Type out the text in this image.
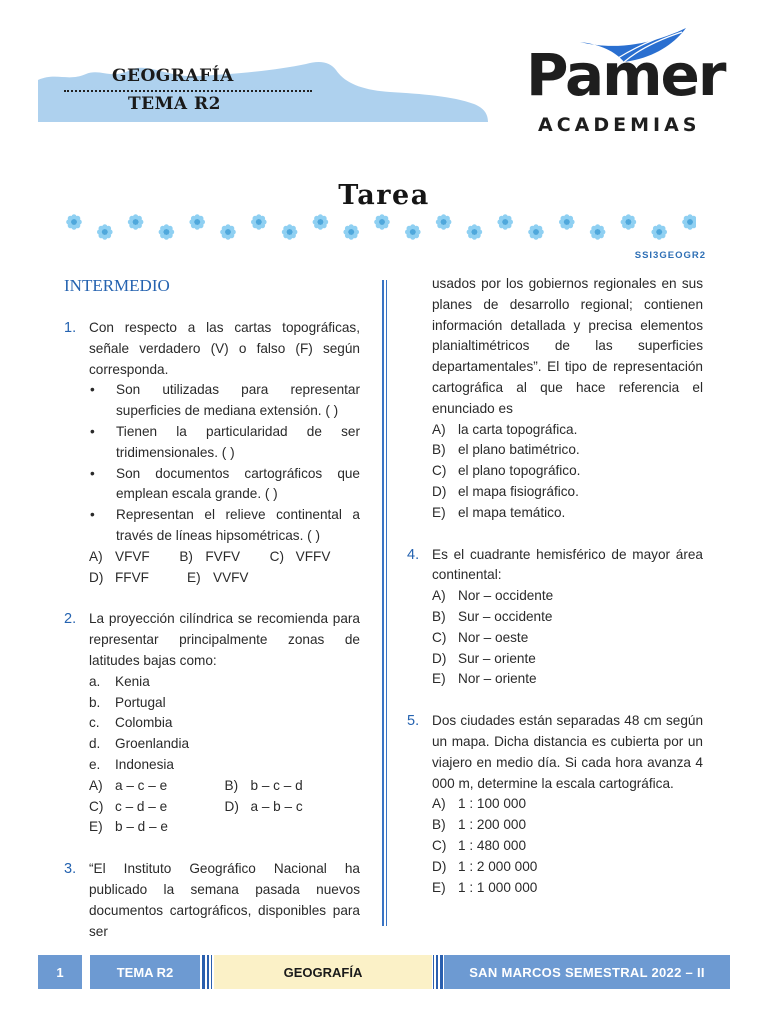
GEOGRAFÍA
TEMA R2	Pamer
ACADEMIAS
Tarea
SSI3GEOGR2
INTERMEDIO
1. Con respecto a las cartas topográficas, señale verdadero (V) o falso (F) según corresponda.
• Son utilizadas para representar superficies de mediana extensión. ( )
• Tienen la particularidad de ser tridimensionales. ( )
• Son documentos cartográficos que emplean escala grande. ( )
• Representan el relieve continental a través de líneas hipsométricas. ( )
A) VFVF B) FVFV C) VFFV
D) FFVF	E) VVFV
2. La proyección cilíndrica se recomienda para representar principalmente zonas de latitudes bajas como:
a.	Kenia
b.	Portugal
c.	Colombia
d.	Groenlandia
e.	Indonesia
A) a – c – e	B) b – c – d
C) c – d – e	D) a – b – c
E) b – d – e
3. “El Instituto Geográfico Nacional ha publicado la semana pasada nuevos documentos cartográficos, disponibles para ser
usados por los gobiernos regionales en sus planes de desarrollo regional; contienen información detallada y precisa elementos planialtimétricos de las superficies departamentales”. El tipo de representación cartográfica al que hace referencia el enunciado es
A) la carta topográfica.
B) el plano batimétrico.
C) el plano topográfico.
D) el mapa fisiográfico.
E) el mapa temático.
4. Es el cuadrante hemisférico de mayor área continental:
A) Nor – occidente
B) Sur – occidente
C) Nor – oeste
D) Sur – oriente
E) Nor – oriente
5. Dos ciudades están separadas 48 cm según un mapa. Dicha distancia es cubierta por un viajero en medio día. Si cada hora avanza 4 000 m, determine la escala cartográfica.
A) 1 : 100 000
B) 1 : 200 000
C) 1 : 480 000
D) 1 : 2 000 000
E) 1 : 1 000 000
1	TEMA R2	GEOGRAFÍA	SAN MARCOS SEMESTRAL 2022 – II
